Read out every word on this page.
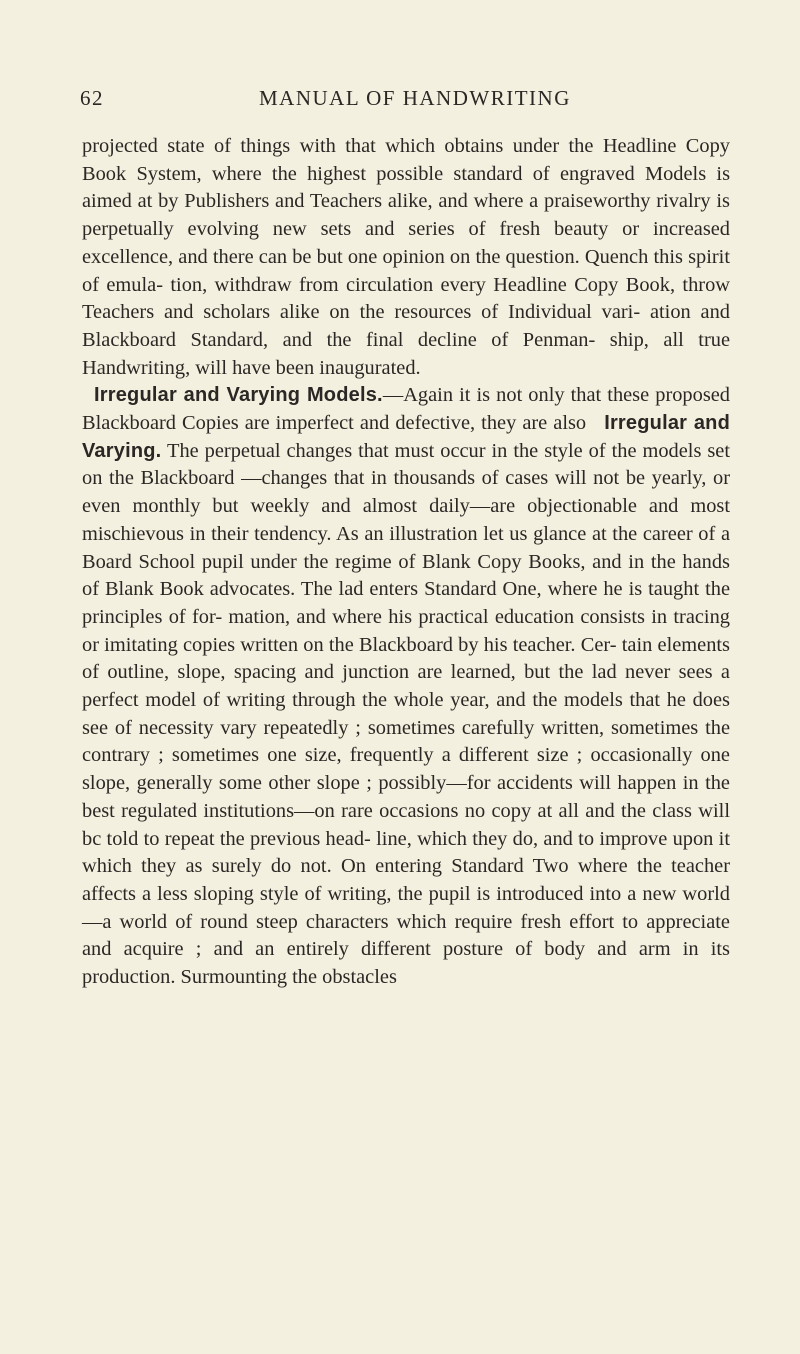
62	MANUAL OF HANDWRITING

projected state of things with that which obtains under the Headline Copy Book System, where the highest possible standard of engraved Models is aimed at by Publishers and Teachers alike, and where a praiseworthy rivalry is perpetually evolving new sets and series of fresh beauty or increased excellence, and there can be but one opinion on the question. Quench this spirit of emula- tion, withdraw from circulation every Headline Copy Book, throw Teachers and scholars alike on the resources of Individual vari- ation and Blackboard Standard, and the final decline of Penman- ship, all true Handwriting, will have been inaugurated.

Irregular and Varying Models.—Again it is not only that these proposed Blackboard Copies are imperfect and defective, they are also Irregular and Varying. The perpetual changes that must occur in the style of the models set on the Blackboard —changes that in thousands of cases will not be yearly, or even monthly but weekly and almost daily—are objectionable and most mischievous in their tendency. As an illustration let us glance at the career of a Board School pupil under the regime of Blank Copy Books, and in the hands of Blank Book advocates. The lad enters Standard One, where he is taught the principles of for- mation, and where his practical education consists in tracing or imitating copies written on the Blackboard by his teacher. Cer- tain elements of outline, slope, spacing and junction are learned, but the lad never sees a perfect model of writing through the whole year, and the models that he does see of necessity vary repeatedly ; sometimes carefully written, sometimes the contrary ; sometimes one size, frequently a different size ; occasionally one slope, generally some other slope ; possibly—for accidents will happen in the best regulated institutions—on rare occasions no copy at all and the class will bc told to repeat the previous head- line, which they do, and to improve upon it which they as surely do not. On entering Standard Two where the teacher affects a less sloping style of writing, the pupil is introduced into a new world—a world of round steep characters which require fresh effort to appreciate and acquire ; and an entirely different posture of body and arm in its production. Surmounting the obstacles
